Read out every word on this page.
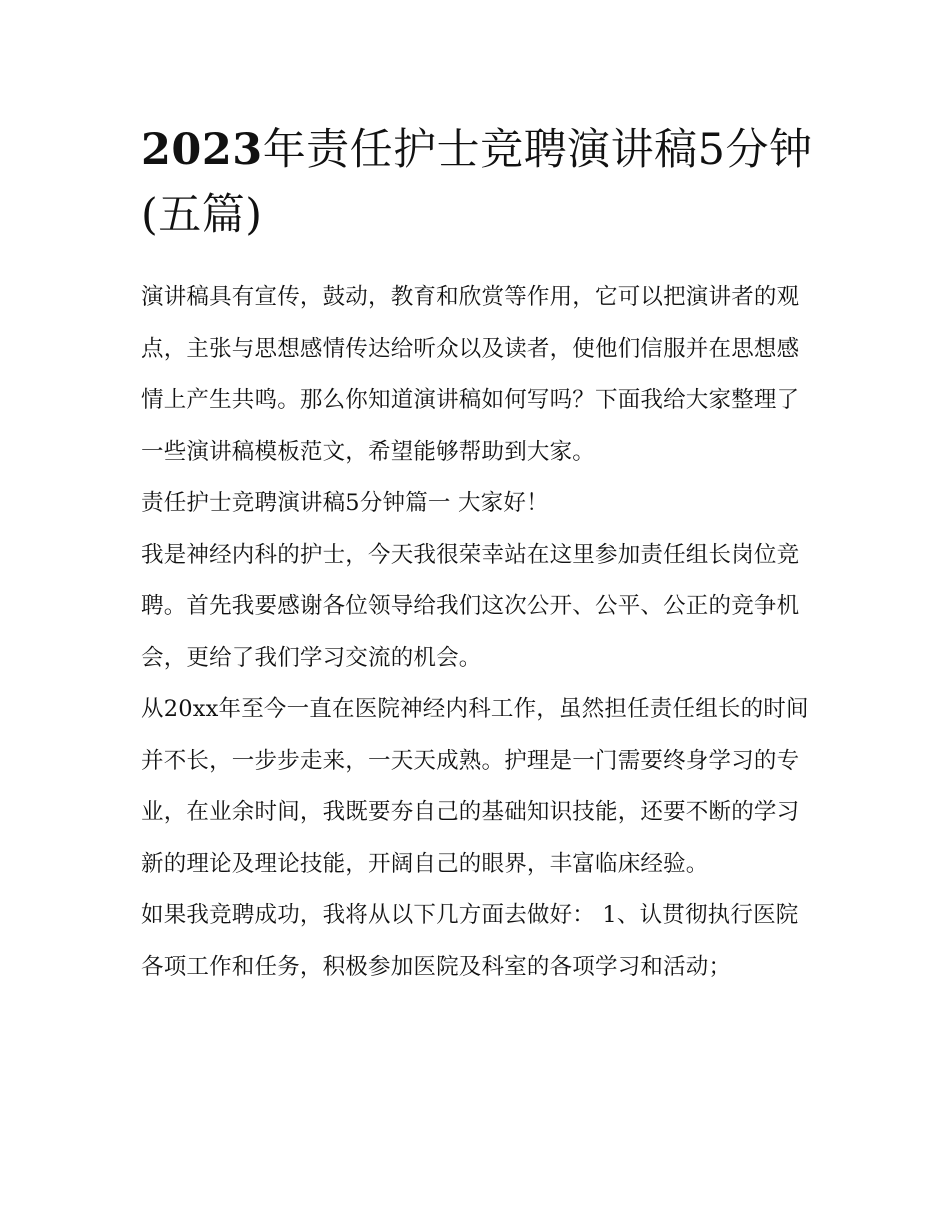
2023年责任护士竞聘演讲稿5分钟(五篇)

演讲稿具有宣传，鼓动，教育和欣赏等作用，它可以把演讲者的观点，主张与思想感情传达给听众以及读者，使他们信服并在思想感情上产生共鸣。那么你知道演讲稿如何写吗？下面我给大家整理了一些演讲稿模板范文，希望能够帮助到大家。

责任护士竞聘演讲稿5分钟篇一 大家好！

我是神经内科的护士，今天我很荣幸站在这里参加责任组长岗位竞聘。首先我要感谢各位领导给我们这次公开、公平、公正的竞争机会，更给了我们学习交流的机会。

从20xx年至今一直在医院神经内科工作，虽然担任责任组长的时间并不长，一步步走来，一天天成熟。护理是一门需要终身学习的专业，在业余时间，我既要夯自己的基础知识技能，还要不断的学习新的理论及理论技能，开阔自己的眼界，丰富临床经验。

如果我竞聘成功，我将从以下几方面去做好： 1、认贯彻执行医院各项工作和任务，积极参加医院及科室的各项学习和活动；
